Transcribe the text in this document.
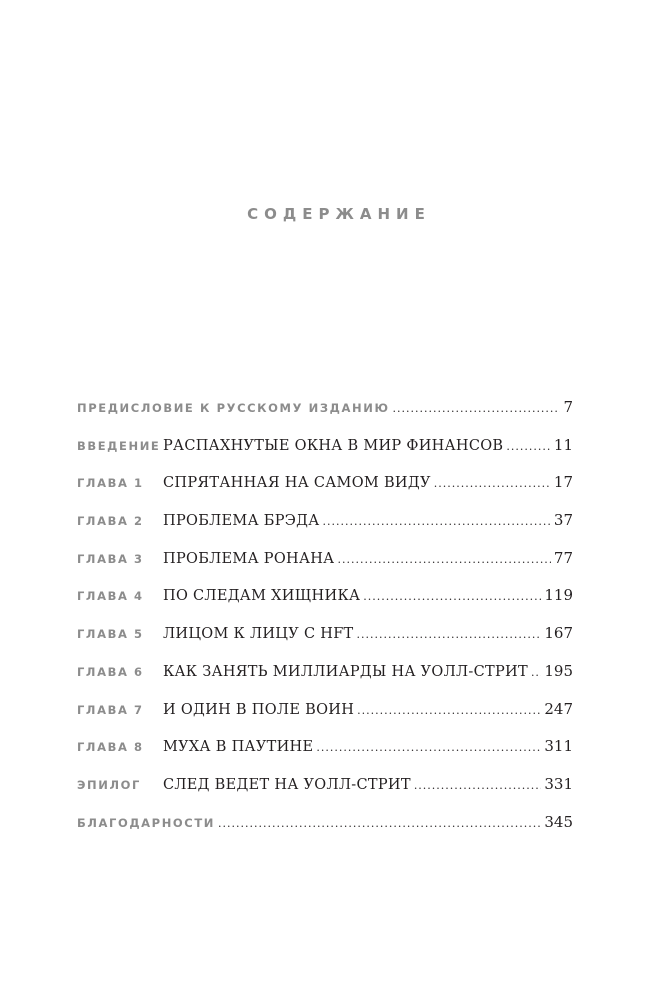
СОДЕРЖАНИЕ
ПРЕДИСЛОВИЕ К РУССКОМУ ИЗДАНИЮ .....	7
ВВЕДЕНИЕ РАСПАХНУТЫЕ ОКНА В МИР ФИНАНСОВ .....	11
ГЛАВА 1	СПРЯТАННАЯ НА САМОМ ВИДУ .....	17
ГЛАВА 2	ПРОБЛЕМА БРЭДА .....	37
ГЛАВА 3	ПРОБЛЕМА РОНАНА .....	77
ГЛАВА 4	ПО СЛЕДАМ ХИЩНИКА .....	119
ГЛАВА 5	ЛИЦОМ К ЛИЦУ С HFT .....	167
ГЛАВА 6	КАК ЗАНЯТЬ МИЛЛИАРДЫ НА УОЛЛ-СТРИТ ..... 195
ГЛАВА 7	И ОДИН В ПОЛЕ ВОИН .....	247
ГЛАВА 8	МУХА В ПАУТИНЕ .....	311
ЭПИЛОГ	СЛЕД ВЕДЕТ НА УОЛЛ-СТРИТ .....	331
БЛАГОДАРНОСТИ .....	345
